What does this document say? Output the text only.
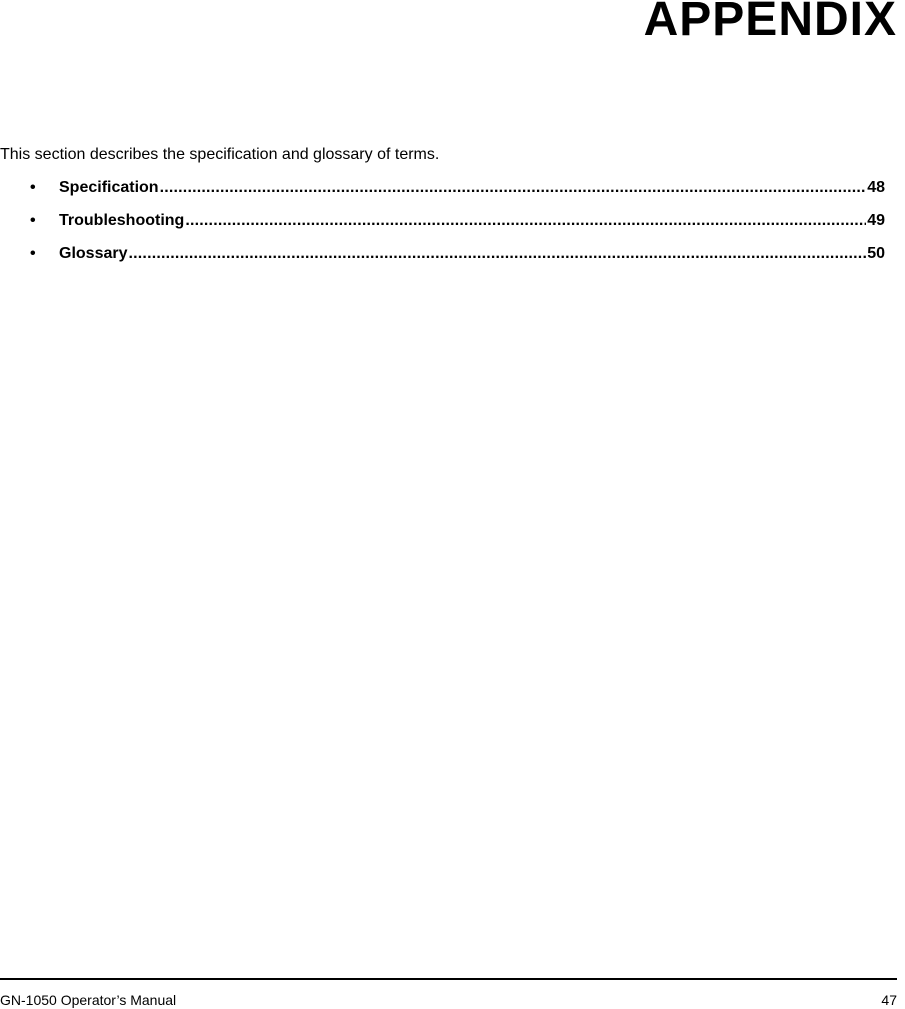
APPENDIX

This section describes the specification and glossary of terms.

•	Specification .....	48
•	Troubleshooting .....	49
•	Glossary .....	50
GN-1050 Operator’s Manual	47
